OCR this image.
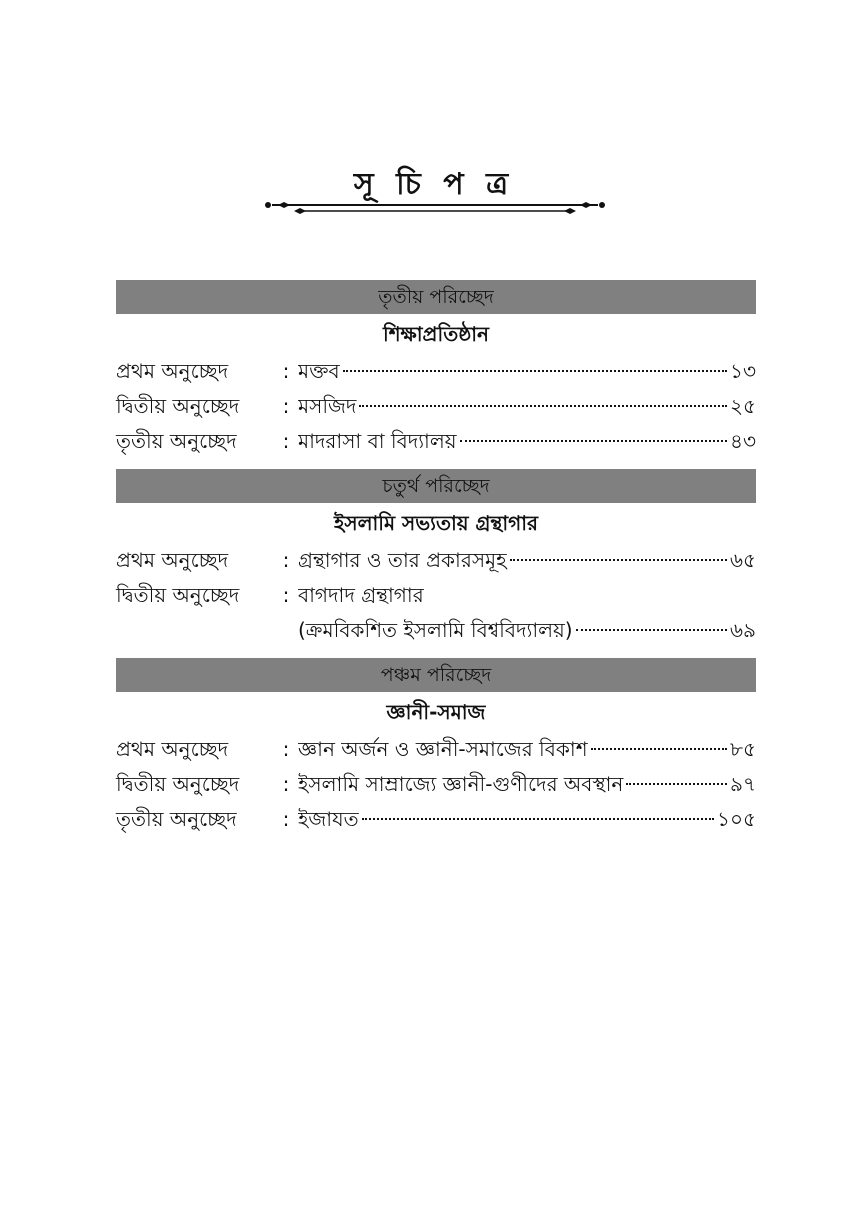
সূ চি প ত্র
তৃতীয় পরিচ্ছেদ
শিক্ষাপ্রতিষ্ঠান
প্রথম অনুচ্ছেদ	: মক্তব	১৩
দ্বিতীয় অনুচ্ছেদ	: মসজিদ	২৫
তৃতীয় অনুচ্ছেদ	: মাদরাসা বা বিদ্যালয়	৪৩
চতুর্থ পরিচ্ছেদ
ইসলামি সভ্যতায় গ্রন্থাগার
প্রথম অনুচ্ছেদ	: গ্রন্থাগার ও তার প্রকারসমূহ	৬৫
দ্বিতীয় অনুচ্ছেদ	: বাগদাদ গ্রন্থাগার
(ক্রমবিকশিত ইসলামি বিশ্ববিদ্যালয়)	৬৯
পঞ্চম পরিচ্ছেদ
জ্ঞানী-সমাজ
প্রথম অনুচ্ছেদ	: জ্ঞান অর্জন ও জ্ঞানী-সমাজের বিকাশ	৮৫
দ্বিতীয় অনুচ্ছেদ	: ইসলামি সাম্রাজ্যে জ্ঞানী-গুণীদের অবস্থান	৯৭
তৃতীয় অনুচ্ছেদ	: ইজাযত	১০৫
